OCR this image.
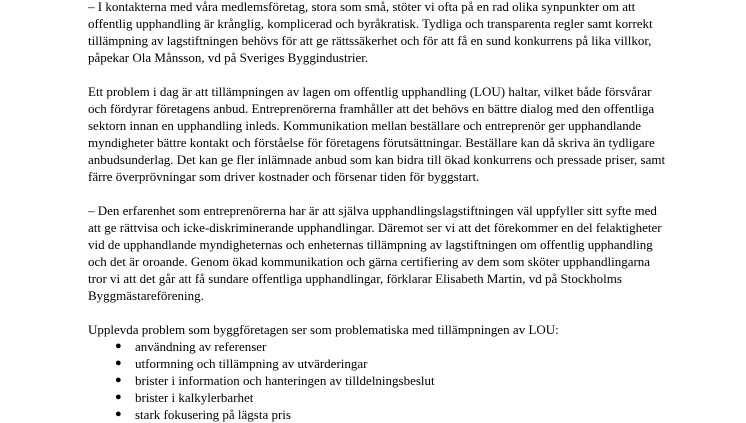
– I kontakterna med våra medlemsföretag, stora som små, stöter vi ofta på en rad olika synpunkter om att offentlig upphandling är krånglig, komplicerad och byråkratisk. Tydliga och transparenta regler samt korrekt tillämpning av lagstiftningen behövs för att ge rättssäkerhet och för att få en sund konkurrens på lika villkor, påpekar Ola Månsson, vd på Sveriges Byggindustrier.

Ett problem i dag är att tillämpningen av lagen om offentlig upphandling (LOU) haltar, vilket både försvårar och fördyrar företagens anbud. Entreprenörerna framhåller att det behövs en bättre dialog med den offentliga sektorn innan en upphandling inleds. Kommunikation mellan beställare och entreprenör ger upphandlande myndigheter bättre kontakt och förståelse för företagens förutsättningar. Beställare kan då skriva än tydligare anbudsunderlag. Det kan ge fler inlämnade anbud som kan bidra till ökad konkurrens och pressade priser, samt färre överprövningar som driver kostnader och försenar tiden för byggstart.

– Den erfarenhet som entreprenörerna har är att själva upphandlingslagstiftningen väl uppfyller sitt syfte med att ge rättvisa och icke-diskriminerande upphandlingar. Däremot ser vi att det förekommer en del felaktigheter vid de upphandlande myndigheternas och enheternas tillämpning av lagstiftningen om offentlig upphandling och det är oroande. Genom ökad kommunikation och gärna certifiering av dem som sköter upphandlingarna tror vi att det går att få sundare offentliga upphandlingar, förklarar Elisabeth Martin, vd på Stockholms Byggmästareförening.

Upplevda problem som byggföretagen ser som problematiska med tillämpningen av LOU:

● användning av referenser
● utformning och tillämpning av utvärderingar
● brister i information och hanteringen av tilldelningsbeslut
● brister i kalkylerbarhet
● stark fokusering på lägsta pris
